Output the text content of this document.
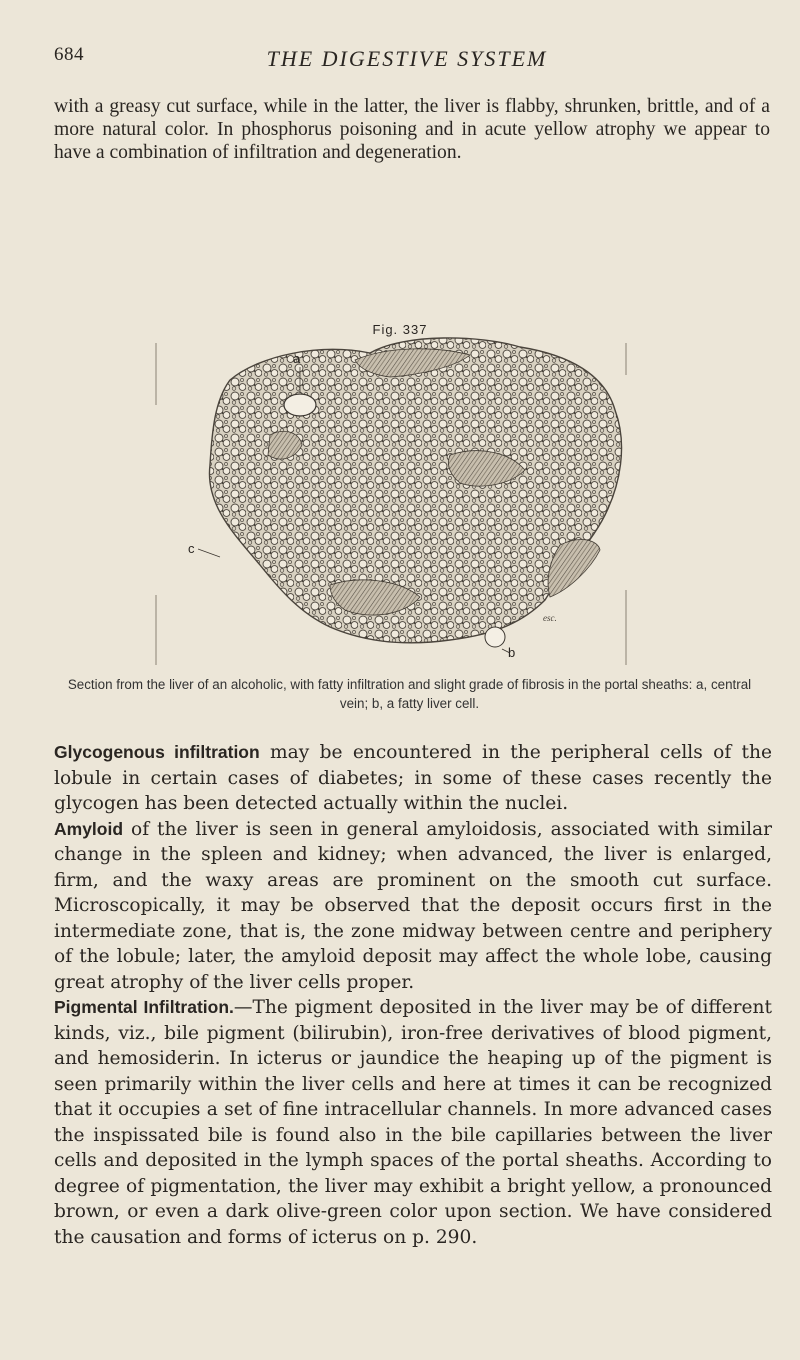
684	THE DIGESTIVE SYSTEM

with a greasy cut surface, while in the latter, the liver is flabby, shrunken, brittle, and of a more natural color. In phosphorus poisoning and in acute yellow atrophy we appear to have a combination of infiltration and degeneration.

Fig. 337
a
c
b
esc.

Section from the liver of an alcoholic, with fatty infiltration and slight grade of fibrosis in the portal sheaths: a, central vein; b, a fatty liver cell.

Glycogenous infiltration may be encountered in the peripheral cells of the lobule in certain cases of diabetes; in some of these cases recently the glycogen has been detected actually within the nuclei.

Amyloid of the liver is seen in general amyloidosis, associated with similar change in the spleen and kidney; when advanced, the liver is enlarged, firm, and the waxy areas are prominent on the smooth cut surface. Microscopically, it may be observed that the deposit occurs first in the intermediate zone, that is, the zone midway between centre and periphery of the lobule; later, the amyloid deposit may affect the whole lobe, causing great atrophy of the liver cells proper.

Pigmental Infiltration.—The pigment deposited in the liver may be of different kinds, viz., bile pigment (bilirubin), iron-free derivatives of blood pigment, and hemosiderin. In icterus or jaundice the heaping up of the pigment is seen primarily within the liver cells and here at times it can be recognized that it occupies a set of fine intracellular channels. In more advanced cases the inspissated bile is found also in the bile capillaries between the liver cells and deposited in the lymph spaces of the portal sheaths. According to degree of pigmentation, the liver may exhibit a bright yellow, a pronounced brown, or even a dark olive-green color upon section. We have considered the causation and forms of icterus on p. 290.
